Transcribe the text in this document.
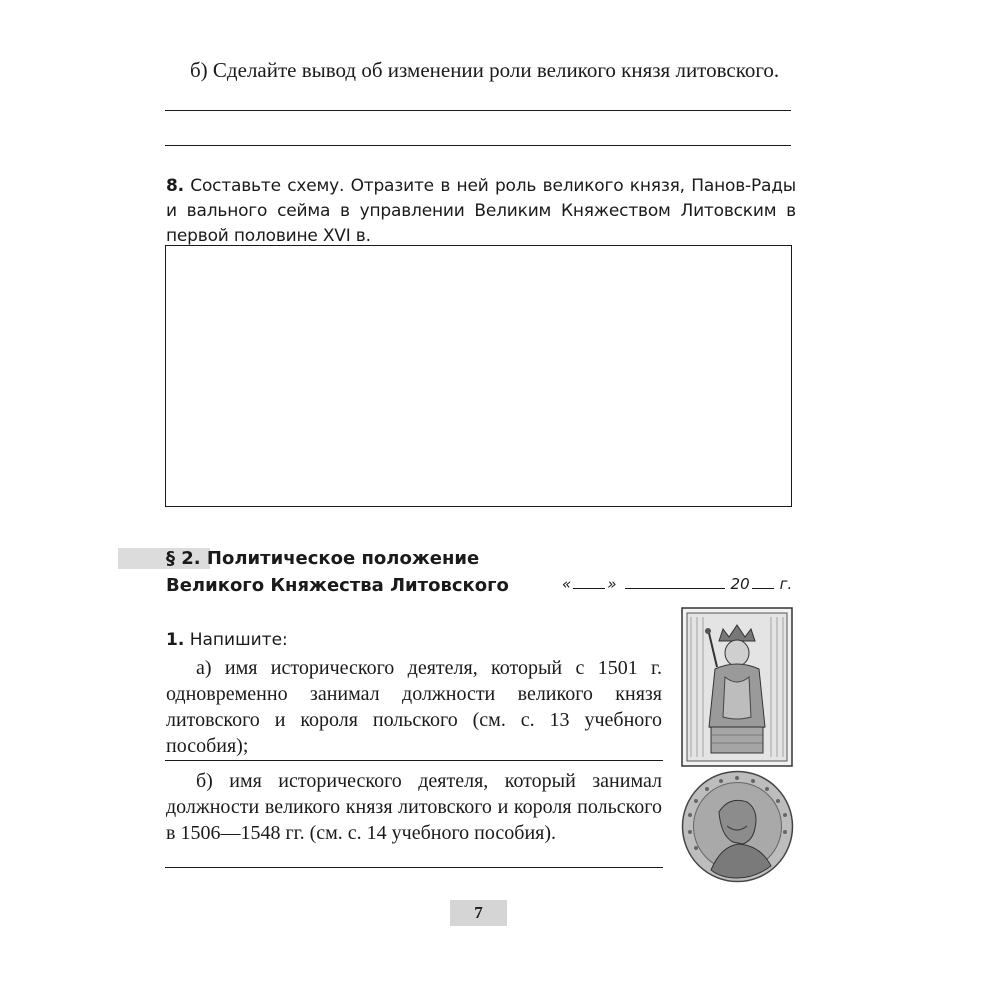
б) Сделайте вывод об изменении роли великого князя литовского.
8. Составьте схему. Отразите в ней роль великого князя, Панов-Рады и вального сейма в управлении Великим Княжеством Литовским в первой половине XVI в.
§ 2. Политическое положение
Великого Княжества Литовского	« »	20 г.
1. Напишите:
а) имя исторического деятеля, который с 1501 г. одновременно занимал должности великого князя литовского и короля польского (см. с. 13 учебного пособия);
б) имя исторического деятеля, который занимал должности великого князя литовского и короля польского в 1506—1548 гг. (см. с. 14 учебного пособия).
7
